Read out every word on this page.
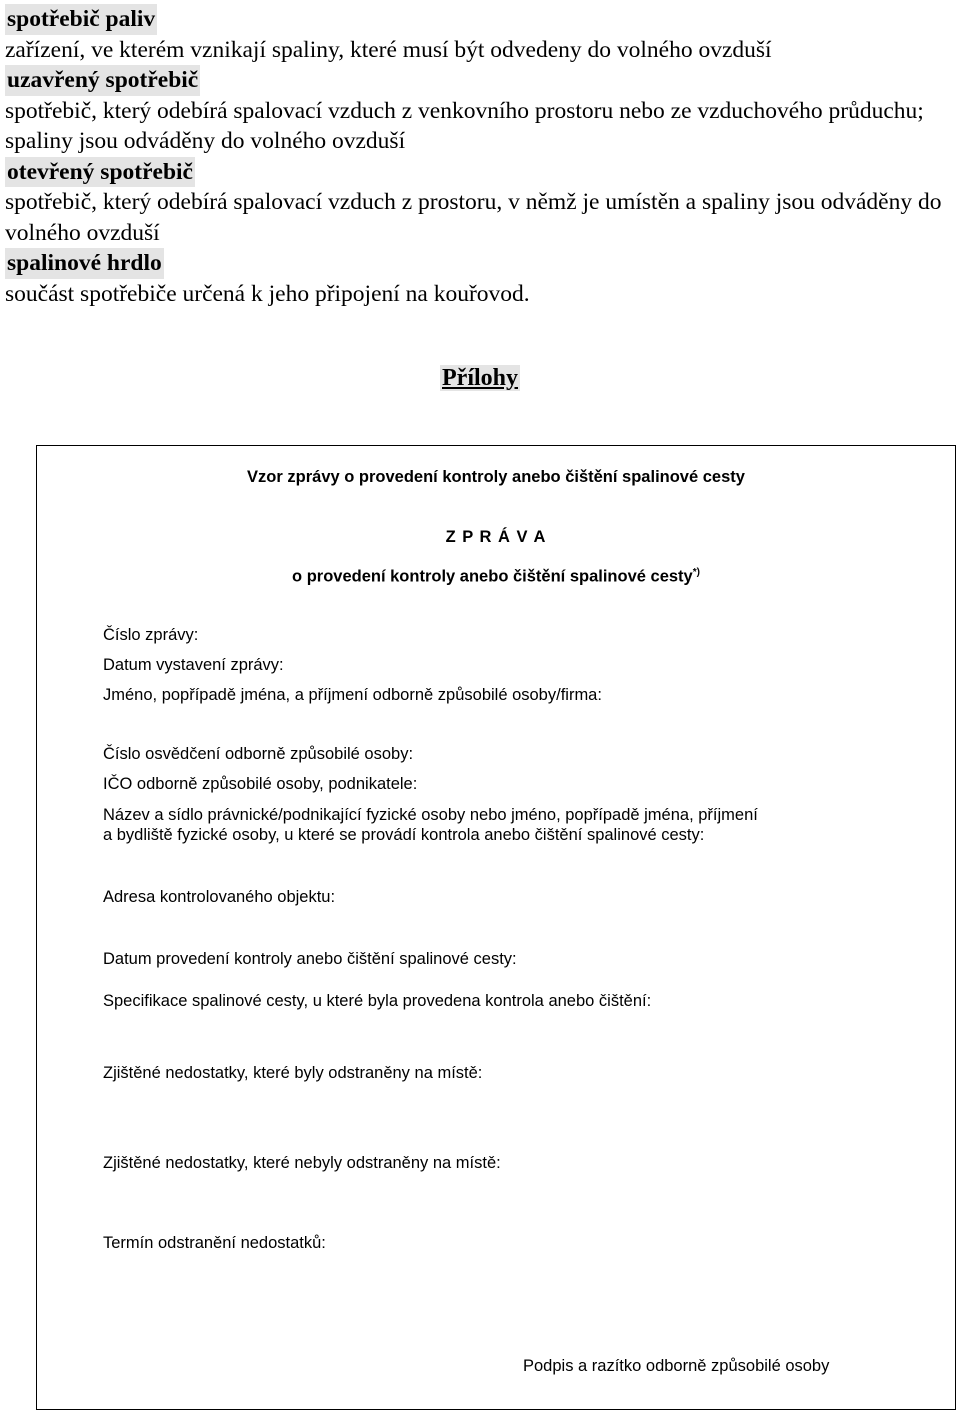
spotřebič paliv
zařízení, ve kterém vznikají spaliny, které musí být odvedeny do volného ovzduší
uzavřený spotřebič
spotřebič, který odebírá spalovací vzduch z venkovního prostoru nebo ze vzduchového průduchu; spaliny jsou odváděny do volného ovzduší
otevřený spotřebič
spotřebič, který odebírá spalovací vzduch z prostoru, v němž je umístěn a spaliny jsou odváděny do volného ovzduší
spalinové hrdlo
součást spotřebiče určená k jeho připojení na kouřovod.
Přílohy
Vzor zprávy o provedení kontroly anebo čištění spalinové cesty
Z P R Á V A
o provedení kontroly anebo čištění spalinové cesty*)
Číslo zprávy:
Datum vystavení zprávy:
Jméno, popřípadě jména, a příjmení odborně způsobilé osoby/firma:
Číslo osvědčení odborně způsobilé osoby:
IČO odborně způsobilé osoby, podnikatele:
Název a sídlo právnické/podnikající fyzické osoby nebo jméno, popřípadě jména, příjmení
a bydliště fyzické osoby, u které se provádí kontrola anebo čištění spalinové cesty:
Adresa kontrolovaného objektu:
Datum provedení kontroly anebo čištění spalinové cesty:
Specifikace spalinové cesty, u které byla provedena kontrola anebo čištění:
Zjištěné nedostatky, které byly odstraněny na místě:
Zjištěné nedostatky, které nebyly odstraněny na místě:
Termín odstranění nedostatků:
Podpis a razítko odborně způsobilé osoby
